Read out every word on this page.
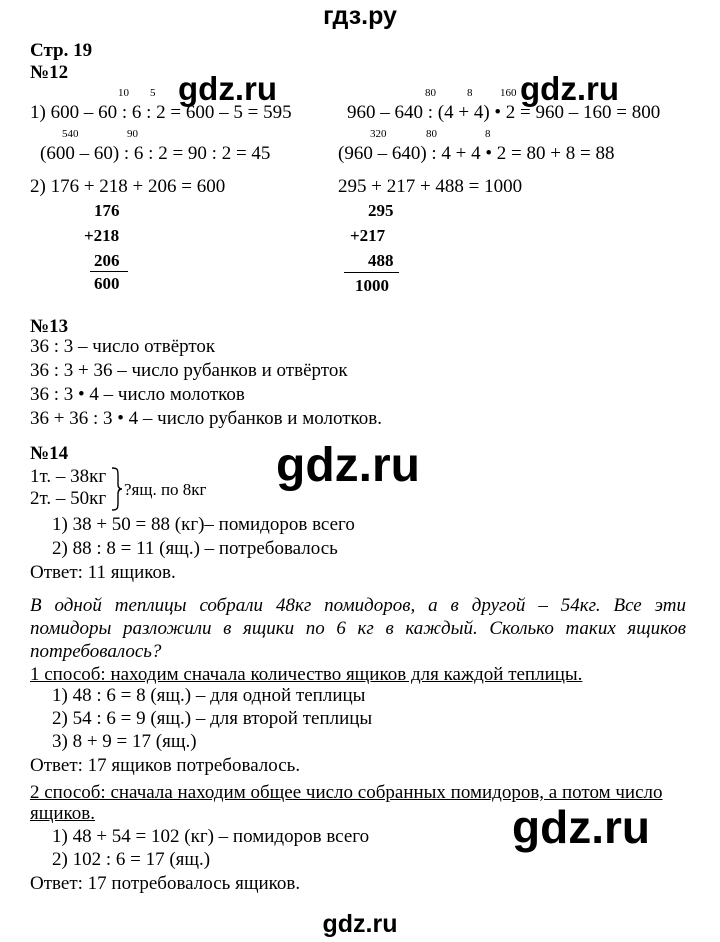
гдз.ру
Стр. 19
№12	gdz.ru	gdz.ru
10 5
1) 600 – 60 : 6 : 2 = 600 – 5 = 595
540	90
(600 – 60) : 6 : 2 = 90 : 2 = 45
80	8	160
960 – 640 : (4 + 4) • 2 = 960 – 160 = 800
320	80	8
(960 – 640) : 4 + 4 • 2 = 80 + 8 = 88
2) 176 + 218 + 206 = 600	295 + 217 + 488 = 1000
176
+218
206
600
295
+217
488
1000
№13
36 : 3 – число отвёрток
36 : 3 + 36 – число рубанков и отвёрток
36 : 3 • 4 – число молотков
36 + 36 : 3 • 4 – число рубанков и молотков.
№14	gdz.ru
1т. – 38кг
2т. – 50кг ?ящ. по 8кг
1) 38 + 50 = 88 (кг)– помидоров всего
2) 88 : 8 = 11 (ящ.) – потребовалось
Ответ: 11 ящиков.
В одной теплицы собрали 48кг помидоров, а в другой – 54кг. Все эти
помидоры разложили в ящики по 6 кг в каждый. Сколько таких ящиков
потребовалось?
1 способ: находим сначала количество ящиков для каждой теплицы.
1) 48 : 6 = 8 (ящ.) – для одной теплицы
2) 54 : 6 = 9 (ящ.) – для второй теплицы
3) 8 + 9 = 17 (ящ.)
Ответ: 17 ящиков потребовалось.
2 способ: сначала находим общее число собранных помидоров, а потом число
ящиков.
1) 48 + 54 = 102 (кг) – помидоров всего
2) 102 : 6 = 17 (ящ.)
Ответ: 17 потребовалось ящиков.
gdz.ru
gdz.ru
